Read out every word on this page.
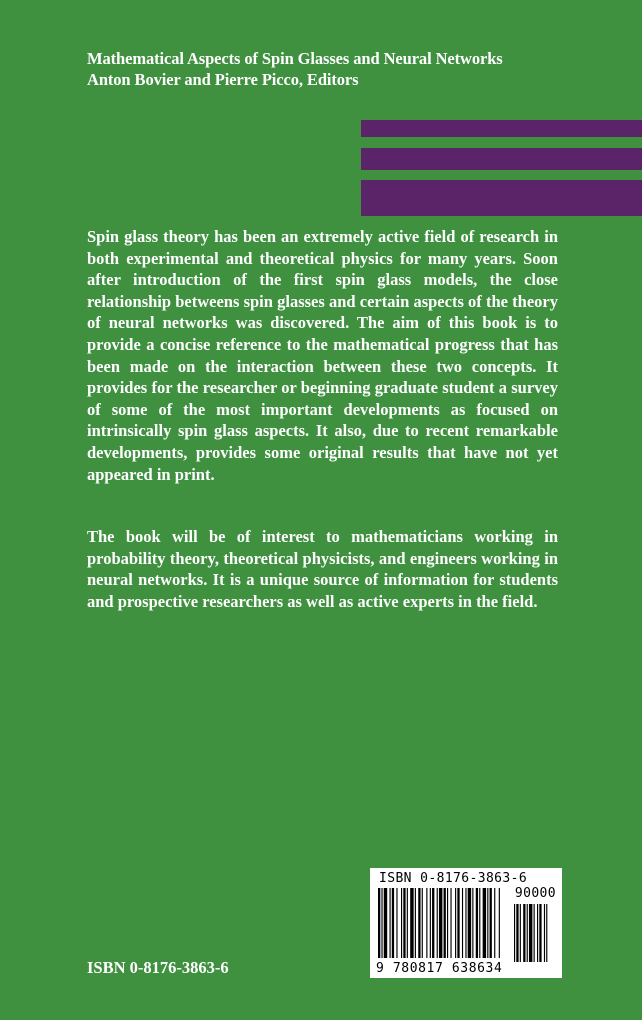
Mathematical Aspects of Spin Glasses and Neural Networks
Anton Bovier and Pierre Picco, Editors

Spin glass theory has been an extremely active field of research in both experimental and theoretical physics for many years. Soon after introduction of the first spin glass models, the close relationship betweens spin glasses and certain aspects of the theory of neural networks was discovered. The aim of this book is to provide a concise reference to the mathematical progress that has been made on the interaction between these two concepts. It provides for the researcher or beginning graduate student a survey of some of the most important developments as focused on intrinsically spin glass aspects. It also, due to recent remarkable developments, provides some original results that have not yet appeared in print.

The book will be of interest to mathematicians working in probability theory, theoretical physicists, and engineers working in neural networks. It is a unique source of information for students and prospective researchers as well as active experts in the field.

ISBN 0-8176-3863-6
90000
9 780817 638634
ISBN 0-8176-3863-6
